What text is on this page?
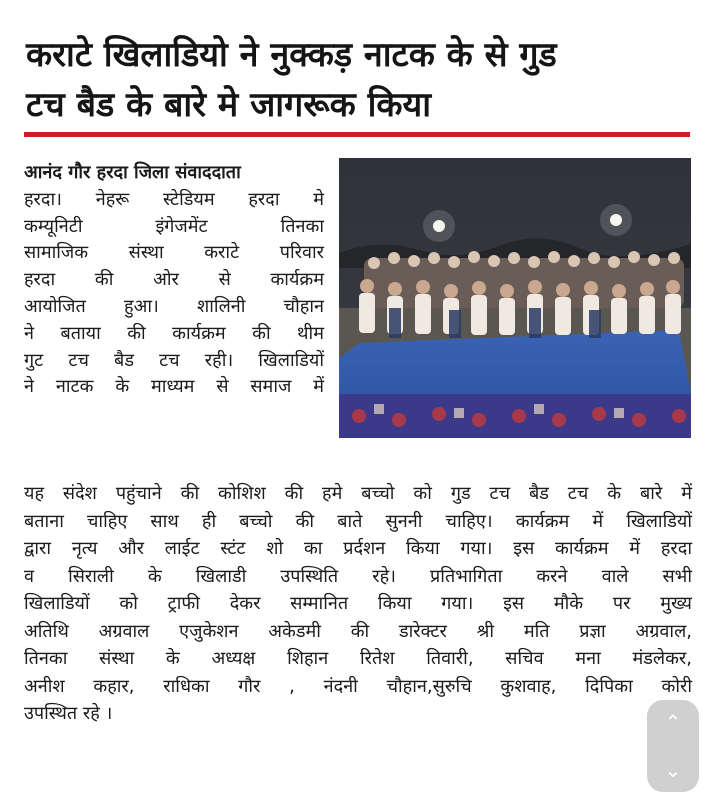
कराटे खिलाडियो ने नुक्कड़ नाटक के से गुड
टच बैड के बारे मे जागरूक किया
आनंद गौर हरदा जिला संवाददाता
हरदा। नेहरू स्टेडियम हरदा मे
कम्यूनिटी इंगेजमेंट तिनका
सामाजिक संस्था कराटे परिवार
हरदा की ओर से कार्यक्रम
आयोजित हुआ। शालिनी चौहान
ने बताया की कार्यक्रम की थीम
गुट टच बैड टच रही। खिलाडियों
ने नाटक के माध्यम से समाज में
यह संदेश पहुंचाने की कोशिश की हमे बच्चो को गुड टच बैड टच के बारे में
बताना चाहिए साथ ही बच्चो की बाते सुननी चाहिए। कार्यक्रम में खिलाडियों
द्वारा नृत्य और लाईट स्टंट शो का प्रर्दशन किया गया। इस कार्यक्रम में हरदा
व सिराली के खिलाडी उपस्थिति रहे। प्रतिभागिता करने वाले सभी
खिलाडियों को ट्राफी देकर सम्मानित किया गया। इस मौके पर मुख्य
अतिथि अग्रवाल एजुकेशन अकेडमी की डारेक्टर श्री मति प्रज्ञा अग्रवाल,
तिनका संस्था के अध्यक्ष शिहान रितेश तिवारी, सचिव मना मंडलेकर,
अनीश कहार, राधिका गौर , नंदनी चौहान,सुरुचि कुशवाह, दिपिका कोरी
उपस्थित रहे ।	⌃
⌄
